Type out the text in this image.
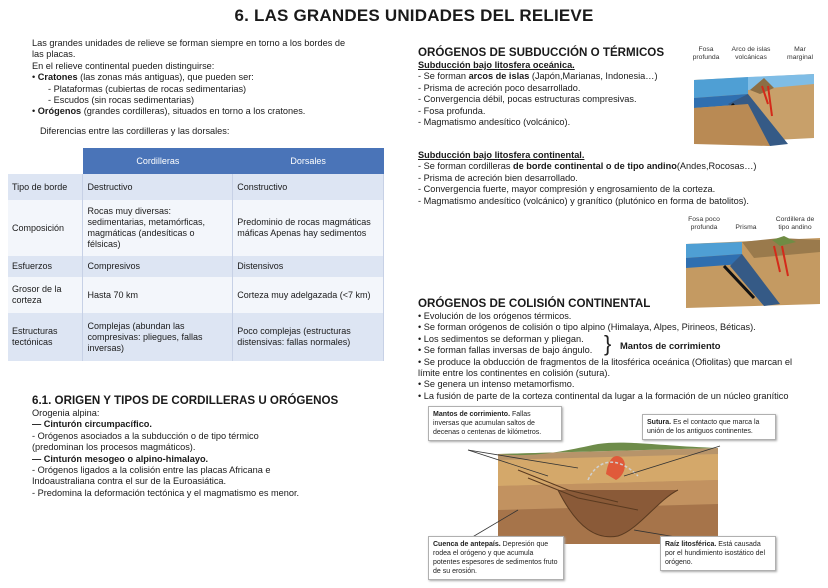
6. LAS GRANDES UNIDADES DEL RELIEVE
Las grandes unidades de relieve se forman siempre en torno a los bordes de
las placas.
En el relieve continental pueden distinguirse:
• Cratones (las zonas más antiguas), que pueden ser:
- Plataformas (cubiertas de rocas sedimentarias)
- Escudos (sin rocas sedimentarias)
• Orógenos (grandes cordilleras), situados en torno a los cratones.
Diferencias entre las cordilleras y las dorsales:
	Cordilleras	Dorsales
Tipo de borde	Destructivo	Constructivo
Composición	Rocas muy diversas: sedimentarias, metamórficas, magmáticas (andesíticas o félsicas)	Predominio de rocas magmáticas máficas Apenas hay sedimentos
Esfuerzos	Compresivos	Distensivos
Grosor de la corteza	Hasta 70 km	Corteza muy adelgazada (<7 km)
Estructuras tectónicas	Complejas (abundan las compresivas: pliegues, fallas inversas)	Poco complejas (estructuras distensivas: fallas normales)
6.1. ORIGEN Y TIPOS DE CORDILLERAS U ORÓGENOS
Orogenia alpina:
— Cinturón circumpacífico.
- Orógenos asociados a la subducción o de tipo térmico
(predominan los procesos magmáticos).
— Cinturón mesogeo o alpino-himalayo.
- Orógenos ligados a la colisión entre las placas Africana e
Indoaustraliana contra el sur de la Euroasiática.
- Predomina la deformación tectónica y el magmatismo es menor.
ORÓGENOS DE SUBDUCCIÓN O TÉRMICOS
Subducción bajo litosfera oceánica.
- Se forman arcos de islas (Japón,Marianas, Indonesia…)
- Prisma de acreción poco desarrollado.
- Convergencia débil, pocas estructuras compresivas.
- Fosa profunda.
- Magmatismo andesítico (volcánico).
Fosa profunda
Arco de islas volcánicas
Mar marginal
Subducción bajo litosfera continental.
- Se forman cordilleras de borde continental o de tipo andino(Andes,Rocosas…)
- Prisma de acreción bien desarrollado.
- Convergencia fuerte, mayor compresión y engrosamiento de la corteza.
- Magmatismo andesítico (volcánico) y granítico (plutónico en forma de batolitos).
Fosa poco profunda	Prisma
Cordillera de tipo andino
ORÓGENOS DE COLISIÓN CONTINENTAL
• Evolución de los orógenos térmicos.
• Se forman orógenos de colisión o tipo alpino (Himalaya, Alpes, Pirineos, Béticas).
• Los sedimentos se deforman y pliegan.
• Se forman fallas inversas de bajo ángulo.
• Se produce la obducción de fragmentos de la litosférica oceánica (Ofiolitas) que marcan el
límite entre los continentes en colisión (sutura).
• Se genera un intenso metamorfismo.
• La fusión de parte de la corteza continental da lugar a la formación de un núcleo granítico
} Mantos de corrimiento
Mantos de corrimiento. Fallas inversas que acumulan saltos de decenas o centenas de kilómetros.
Sutura. Es el contacto que marca la unión de los antiguos continentes.
Cuenca de antepaís. Depresión que rodea el orógeno y que acumula potentes espesores de sedimentos fruto de su erosión.
Raíz litosférica. Está causada por el hundimiento isostático del orógeno.
